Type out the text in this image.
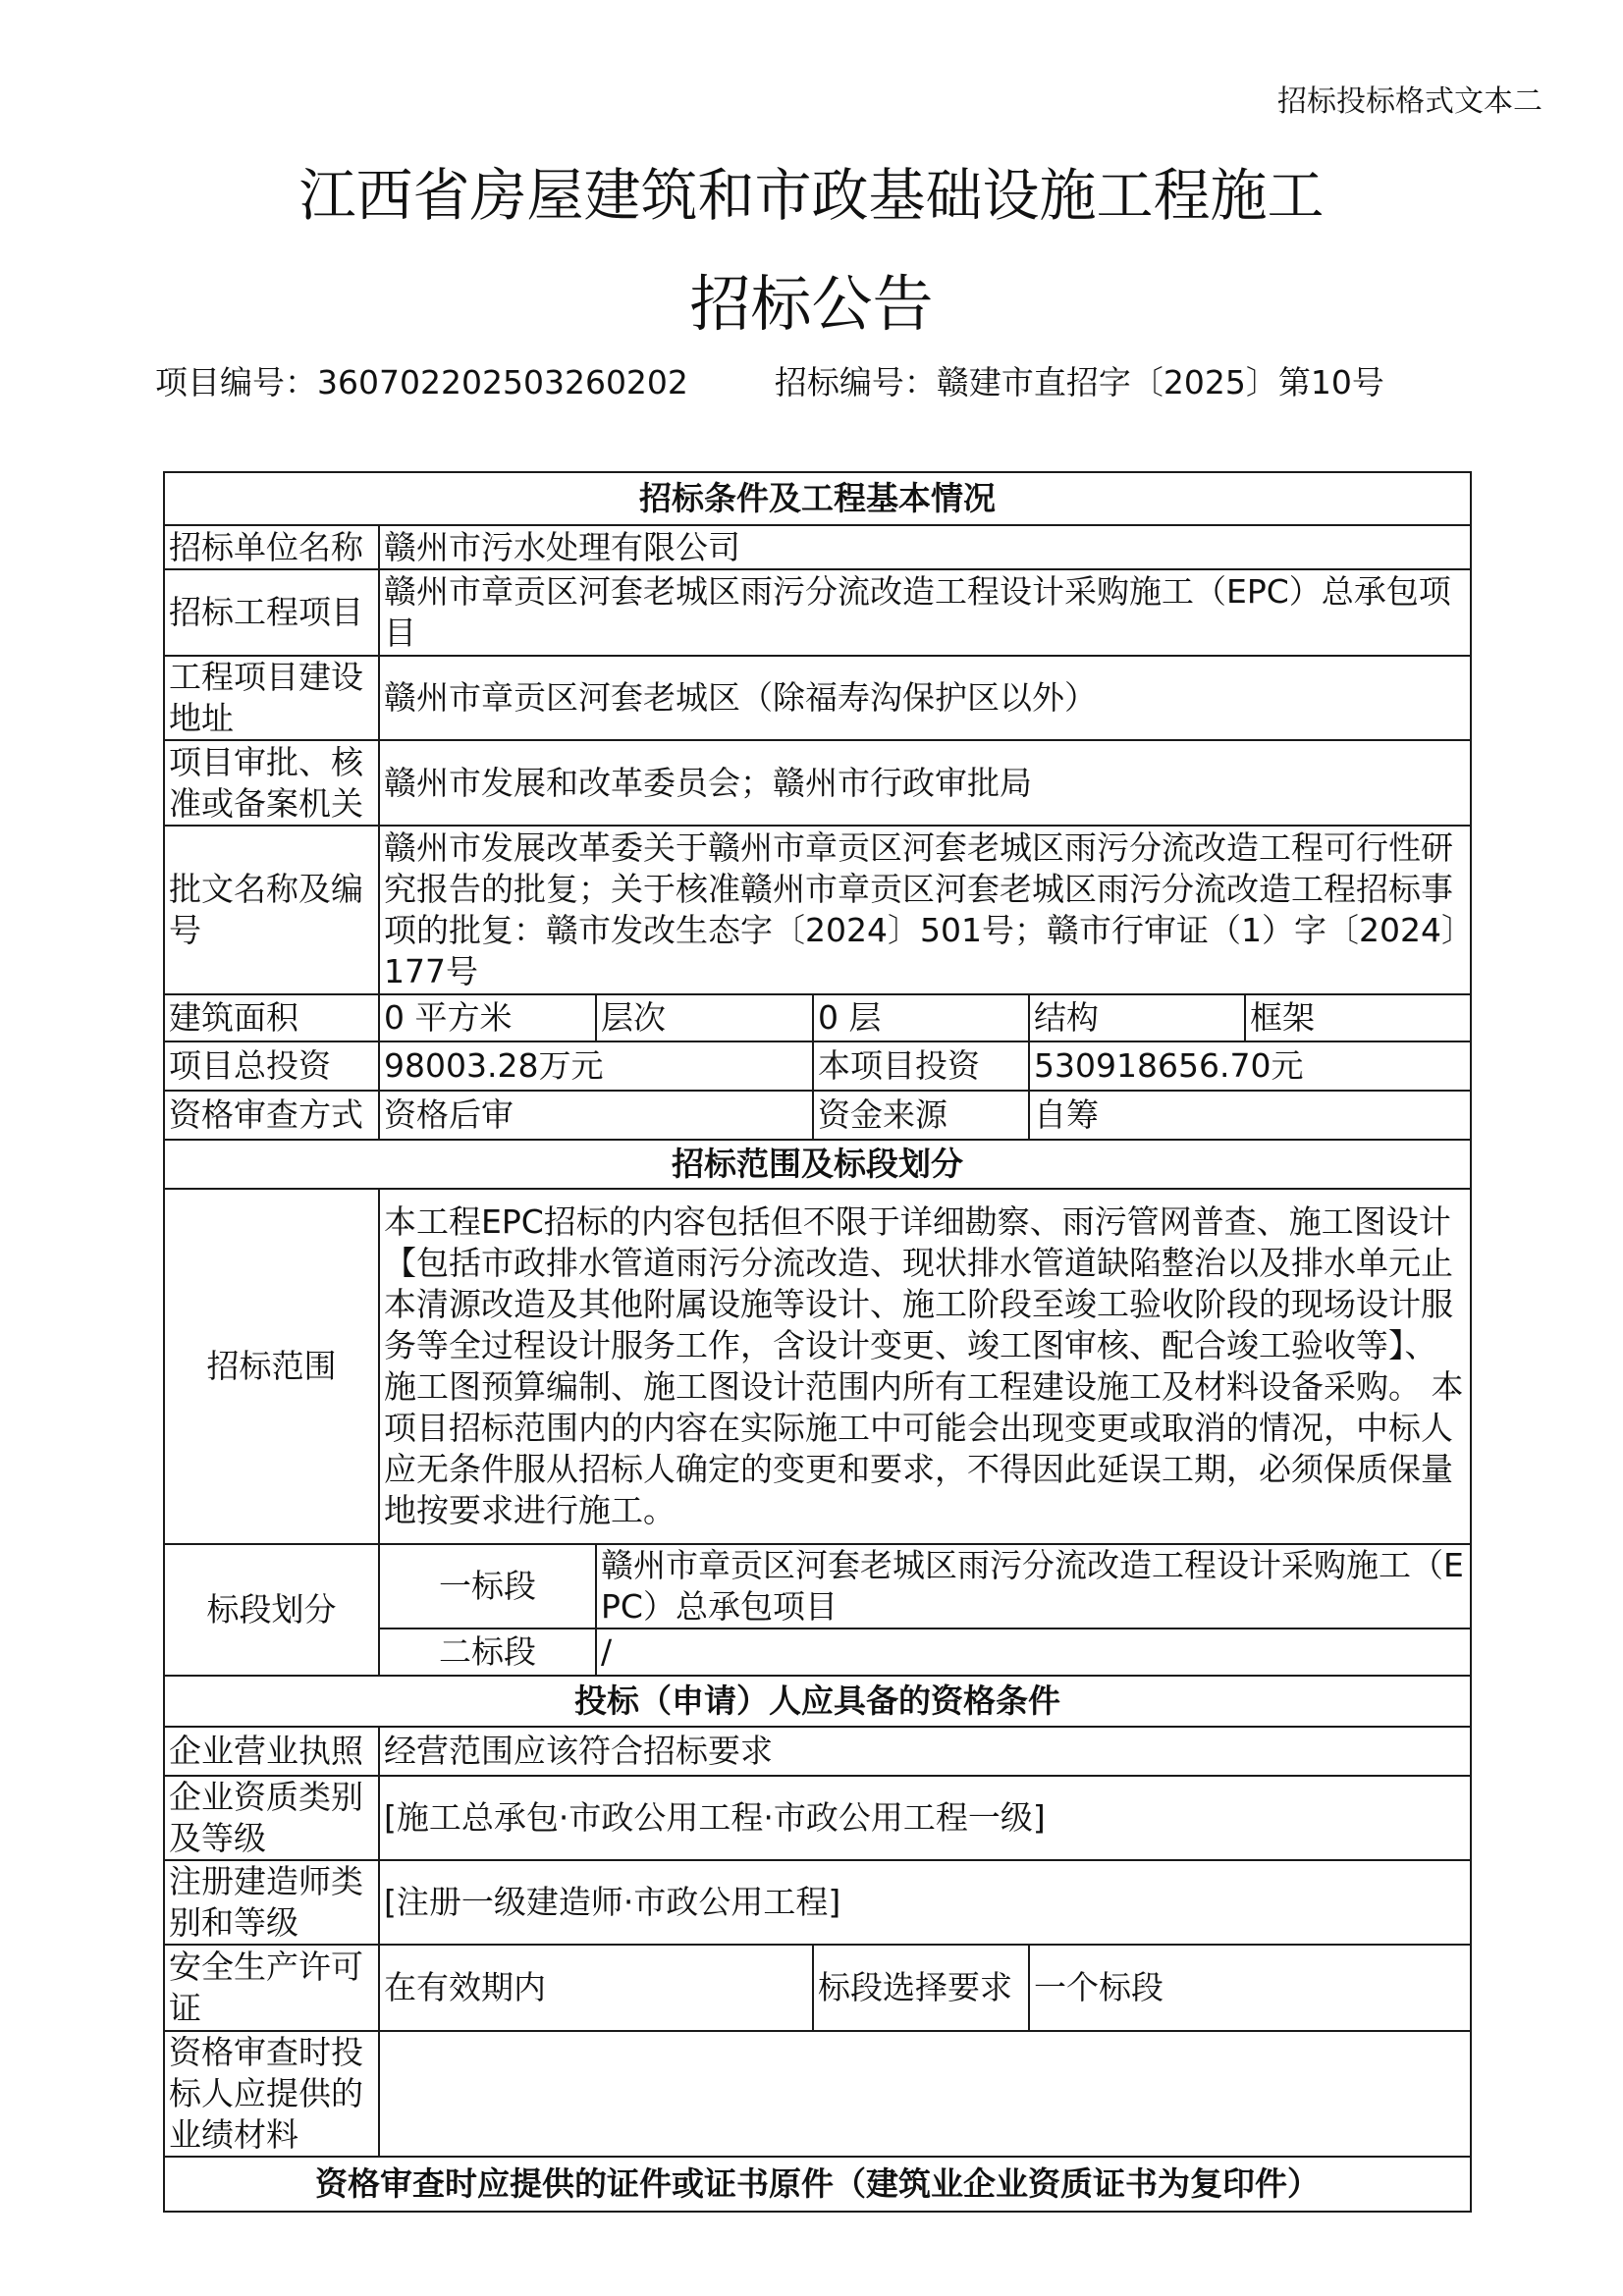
招标投标格式文本二
江西省房屋建筑和市政基础设施工程施工
招标公告
项目编号：360702202503260202	招标编号：赣建市直招字〔2025〕第10号
招标条件及工程基本情况					
招标单位名称	赣州市污水处理有限公司				
招标工程项目	赣州市章贡区河套老城区雨污分流改造工程设计采购施工（EPC）总承包项目				
工程项目建设地址	赣州市章贡区河套老城区（除福寿沟保护区以外）				
项目审批、核准或备案机关	赣州市发展和改革委员会；赣州市行政审批局				
批文名称及编号	赣州市发展改革委关于赣州市章贡区河套老城区雨污分流改造工程可行性研究报告的批复；关于核准赣州市章贡区河套老城区雨污分流改造工程招标事项的批复：赣市发改生态字〔2024〕501号；赣市行审证（1）字〔2024〕177号				
建筑面积	0 平方米	层次	0 层	结构	框架
项目总投资	98003.28万元		本项目投资	530918656.70元	
资格审查方式	资格后审		资金来源	自筹	
招标范围及标段划分					
招标范围	本工程EPC招标的内容包括但不限于详细勘察、雨污管网普查、施工图设计【包括市政排水管道雨污分流改造、现状排水管道缺陷整治以及排水单元止本清源改造及其他附属设施等设计、施工阶段至竣工验收阶段的现场设计服务等全过程设计服务工作，含设计变更、竣工图审核、配合竣工验收等】、施工图预算编制、施工图设计范围内所有工程建设施工及材料设备采购。 本项目招标范围内的内容在实际施工中可能会出现变更或取消的情况，中标人应无条件服从招标人确定的变更和要求，不得因此延误工期，必须保质保量地按要求进行施工。				
标段划分	一标段	赣州市章贡区河套老城区雨污分流改造工程设计采购施工（EPC）总承包项目			
	二标段	/			
投标（申请）人应具备的资格条件					
企业营业执照	经营范围应该符合招标要求				
企业资质类别及等级	[施工总承包·市政公用工程·市政公用工程一级]				
注册建造师类别和等级	[注册一级建造师·市政公用工程]				
安全生产许可证	在有效期内		标段选择要求	一个标段	
资格审查时投标人应提供的业绩材料					
资格审查时应提供的证件或证书原件（建筑业企业资质证书为复印件）					
